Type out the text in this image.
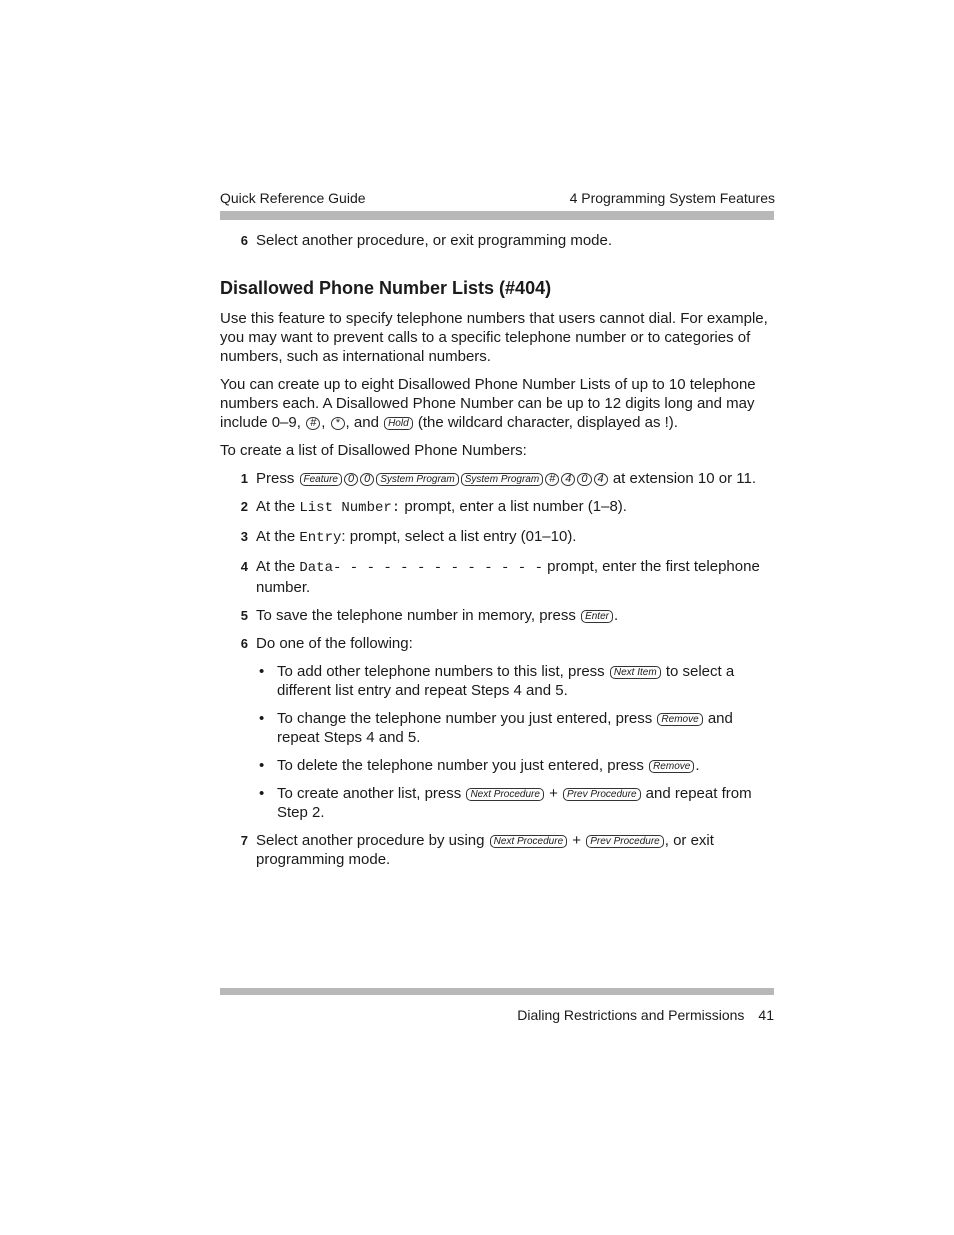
Quick Reference Guide	4 Programming System Features
6 Select another procedure, or exit programming mode.
Disallowed Phone Number Lists (#404)

Use this feature to specify telephone numbers that users cannot dial. For example, you may want to prevent calls to a specific telephone number or to categories of numbers, such as international numbers.

You can create up to eight Disallowed Phone Number Lists of up to 10 telephone numbers each. A Disallowed Phone Number can be up to 12 digits long and may include 0–9, # , * , and Hold (the wildcard character, displayed as !).

To create a list of Disallowed Phone Numbers:

1 Press Feature 0 0 System Program System Program # 4 0 4 at extension 10 or 11.
2 At the List Number: prompt, enter a list number (1–8).
3 At the Entry: prompt, select a list entry (01–10).
4 At the Data- - - - - - - - - - - - - prompt, enter the first telephone number.
5 To save the telephone number in memory, press Enter .
6 Do one of the following:
• To add other telephone numbers to this list, press Next Item to select a different list entry and repeat Steps 4 and 5.
• To change the telephone number you just entered, press Remove and repeat Steps 4 and 5.
• To delete the telephone number you just entered, press Remove .
• To create another list, press Next Procedure + Prev Procedure and repeat from Step 2.
7 Select another procedure by using Next Procedure + Prev Procedure , or exit programming mode.
Dialing Restrictions and Permissions 41
